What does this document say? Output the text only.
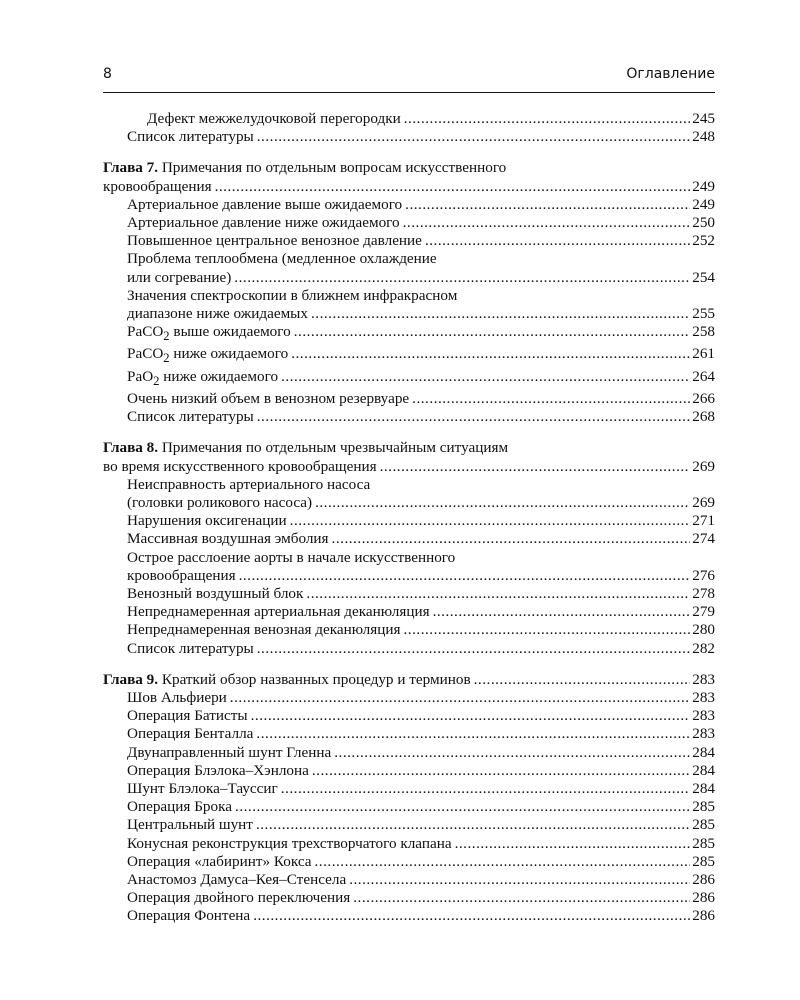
8	Оглавление
Дефект межжелудочковой перегородки .....	245
Список литературы .....	248
Глава 7. Примечания по отдельным вопросам искусственного
кровообращения .....	249
Артериальное давление выше ожидаемого .....	249
Артериальное давление ниже ожидаемого .....	250
Повышенное центральное венозное давление .....	252
Проблема теплообмена (медленное охлаждение
или согревание) .....	254
Значения спектроскопии в ближнем инфракрасном
диапазоне ниже ожидаемых .....	255
PaCO$_2$ выше ожидаемого .....	258
PaCO$_2$ ниже ожидаемого .....	261
PaO$_2$ ниже ожидаемого .....	264
Очень низкий объем в венозном резервуаре .....	266
Список литературы .....	268
Глава 8. Примечания по отдельным чрезвычайным ситуациям
во время искусственного кровообращения .....	269
Неисправность артериального насоса
(головки роликового насоса) .....	269
Нарушения оксигенации .....	271
Массивная воздушная эмболия .....	274
Острое расслоение аорты в начале искусственного
кровообращения .....	276
Венозный воздушный блок .....	278
Непреднамеренная артериальная деканюляция .....	279
Непреднамеренная венозная деканюляция .....	280
Список литературы .....	282
Глава 9. Краткий обзор названных процедур и терминов .....	283
Шов Альфиери .....	283
Операция Батисты .....	283
Операция Бенталла .....	283
Двунаправленный шунт Гленна .....	284
Операция Блэлока–Хэнлона .....	284
Шунт Блэлока–Тауссиг .....	284
Операция Брока .....	285
Центральный шунт .....	285
Конусная реконструкция трехстворчатого клапана .....	285
Операция «лабиринт» Кокса .....	285
Анастомоз Дамуса–Кея–Стенсела .....	286
Операция двойного переключения .....	286
Операция Фонтена .....	286
